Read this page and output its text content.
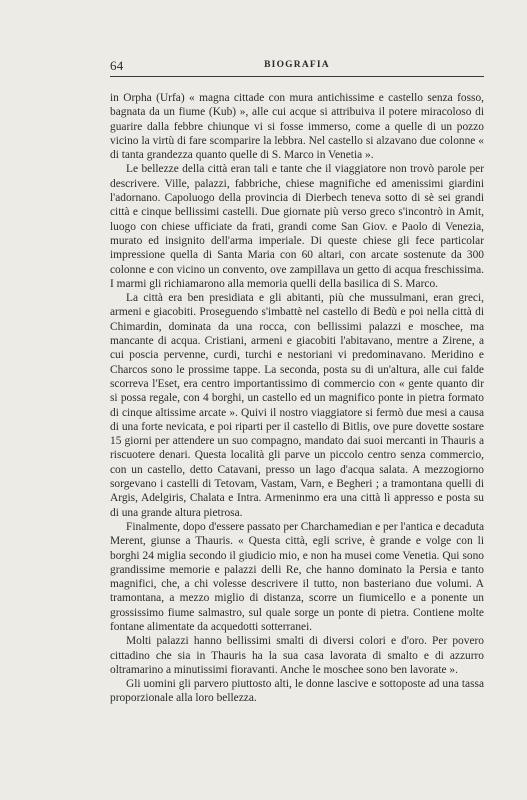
64	BIOGRAFIA

in Orpha (Urfa) « magna cittade con mura antichissime e castello senza fosso, bagnata da un fiume (Kub) », alle cui acque si attribuiva il potere miracoloso di guarire dalla febbre chiunque vi si fosse immerso, come a quelle di un pozzo vicino la virtù di fare scomparire la lebbra. Nel castello si alzavano due colonne « di tanta grandezza quanto quelle di S. Marco in Venetia ».

Le bellezze della città eran tali e tante che il viaggiatore non trovò parole per descrivere. Ville, palazzi, fabbriche, chiese magnifiche ed amenissimi giardini l'adornano. Capoluogo della provincia di Dierbech teneva sotto di sè sei grandi città e cinque bellissimi castelli. Due giornate più verso greco s'incontrò in Amit, luogo con chiese ufficiate da frati, grandi come San Giov. e Paolo di Venezia, murato ed insignito dell'arma imperiale. Di queste chiese gli fece particolar impressione quella di Santa Maria con 60 altari, con arcate sostenute da 300 colonne e con vicino un convento, ove zampillava un getto di acqua freschissima. I marmi gli richiamarono alla memoria quelli della basilica di S. Marco.

La città era ben presidiata e gli abitanti, più che mussulmani, eran greci, armeni e giacobiti. Proseguendo s'imbattè nel castello di Bedù e poi nella città di Chimardin, dominata da una rocca, con bellissimi palazzi e moschee, ma mancante di acqua. Cristiani, armeni e giacobiti l'abitavano, mentre a Zirene, a cui poscia pervenne, curdi, turchi e nestoriani vi predominavano. Meridino e Charcos sono le prossime tappe. La seconda, posta su di un'altura, alle cui falde scorreva l'Eset, era centro importantissimo di commercio con « gente quanto dir si possa regale, con 4 borghi, un castello ed un magnifico ponte in pietra formato di cinque altissime arcate ». Quivi il nostro viaggiatore si fermò due mesi a causa di una forte nevicata, e poi riparti per il castello di Bitlis, ove pure dovette sostare 15 giorni per attendere un suo compagno, mandato dai suoi mercanti in Thauris a riscuotere denari. Questa località gli parve un piccolo centro senza commercio, con un castello, detto Catavani, presso un lago d'acqua salata. A mezzogiorno sorgevano i castelli di Tetovam, Vastam, Varn, e Begheri ; a tramontana quelli di Argis, Adelgiris, Chalata e Intra. Armeninmo era una città lì appresso e posta su di una grande altura pietrosa.

Finalmente, dopo d'essere passato per Charchamedian e per l'antica e decaduta Merent, giunse a Thauris. « Questa città, egli scrive, è grande e volge con li borghi 24 miglia secondo il giudicio mio, e non ha musei come Venetia. Qui sono grandissime memorie e palazzi delli Re, che hanno dominato la Persia e tanto magnifici, che, a chi volesse descrivere il tutto, non basteriano due volumi. A tramontana, a mezzo miglio di distanza, scorre un fiumicello e a ponente un grossissimo fiume salmastro, sul quale sorge un ponte di pietra. Contiene molte fontane alimentate da acquedotti sotterranei.

Molti palazzi hanno bellissimi smalti di diversi colori e d'oro. Per povero cittadino che sia in Thauris ha la sua casa lavorata di smalto e di azzurro oltramarino a minutissimi fioravanti. Anche le moschee sono ben lavorate ».

Gli uomini gli parvero piuttosto alti, le donne lascive e sottoposte ad una tassa proporzionale alla loro bellezza.
